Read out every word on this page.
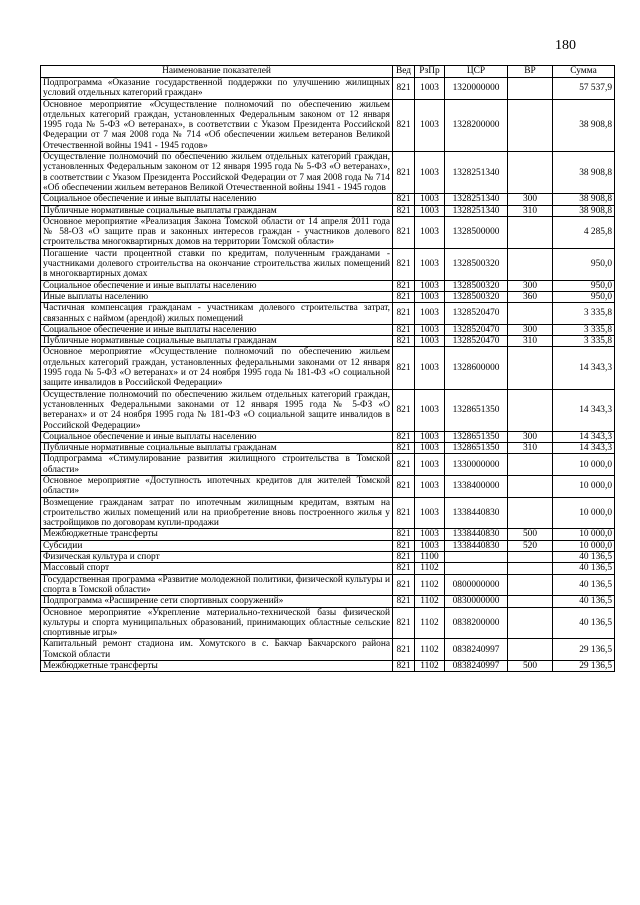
180
Наименование показателей	Вед	РзПр	ЦСР	ВР	Сумма
Подпрограмма «Оказание государственной поддержки по улучшению жилищных условий отдельных категорий граждан»	821	1003	1320000000		57 537,9
Основное мероприятие «Осуществление полномочий по обеспечению жильем отдельных категорий граждан, установленных Федеральным законом от 12 января 1995 года № 5-ФЗ «О ветеранах», в соответствии с Указом Президента Российской Федерации от 7 мая 2008 года № 714 «Об обеспечении жильем ветеранов Великой Отечественной войны 1941 - 1945 годов»	821	1003	1328200000		38 908,8
Осуществление полномочий по обеспечению жильем отдельных категорий граждан, установленных Федеральным законом от 12 января 1995 года № 5-ФЗ «О ветеранах», в соответствии с Указом Президента Российской Федерации от 7 мая 2008 года № 714 «Об обеспечении жильем ветеранов Великой Отечественной войны 1941 - 1945 годов	821	1003	1328251340		38 908,8
Социальное обеспечение и иные выплаты населению	821	1003	1328251340	300	38 908,8
Публичные нормативные социальные выплаты гражданам	821	1003	1328251340	310	38 908,8
Основное мероприятие «Реализация Закона Томской области от 14 апреля 2011 года № 58-ОЗ «О защите прав и законных интересов граждан - участников долевого строительства многоквартирных домов на территории Томской области»	821	1003	1328500000		4 285,8
Погашение части процентной ставки по кредитам, полученным гражданами - участниками долевого строительства на окончание строительства жилых помещений в многоквартирных домах	821	1003	1328500320		950,0
Социальное обеспечение и иные выплаты населению	821	1003	1328500320	300	950,0
Иные выплаты населению	821	1003	1328500320	360	950,0
Частичная компенсация гражданам - участникам долевого строительства затрат, связанных с наймом (арендой) жилых помещений	821	1003	1328520470		3 335,8
Социальное обеспечение и иные выплаты населению	821	1003	1328520470	300	3 335,8
Публичные нормативные социальные выплаты гражданам	821	1003	1328520470	310	3 335,8
Основное мероприятие «Осуществление полномочий по обеспечению жильем отдельных категорий граждан, установленных федеральными законами от 12 января 1995 года № 5-ФЗ «О ветеранах» и от 24 ноября 1995 года № 181-ФЗ «О социальной защите инвалидов в Российской Федерации»	821	1003	1328600000		14 343,3
Осуществление полномочий по обеспечению жильем отдельных категорий граждан, установленных Федеральными законами от 12 января 1995 года № 5-ФЗ «О ветеранах» и от 24 ноября 1995 года № 181-ФЗ «О социальной защите инвалидов в Российской Федерации»	821	1003	1328651350		14 343,3
Социальное обеспечение и иные выплаты населению	821	1003	1328651350	300	14 343,3
Публичные нормативные социальные выплаты гражданам	821	1003	1328651350	310	14 343,3
Подпрограмма «Стимулирование развития жилищного строительства в Томской области»	821	1003	1330000000		10 000,0
Основное мероприятие «Доступность ипотечных кредитов для жителей Томской области»	821	1003	1338400000		10 000,0
Возмещение гражданам затрат по ипотечным жилищным кредитам, взятым на строительство жилых помещений или на приобретение вновь построенного жилья у застройщиков по договорам купли-продажи	821	1003	1338440830		10 000,0
Межбюджетные трансферты	821	1003	1338440830	500	10 000,0
Субсидии	821	1003	1338440830	520	10 000,0
Физическая культура и спорт	821	1100			40 136,5
Массовый спорт	821	1102			40 136,5
Государственная программа «Развитие молодежной политики, физической культуры и спорта в Томской области»	821	1102	0800000000		40 136,5
Подпрограмма «Расширение сети спортивных сооружений»	821	1102	0830000000		40 136,5
Основное мероприятие «Укрепление материально-технической базы физической культуры и спорта муниципальных образований, принимающих областные сельские спортивные игры»	821	1102	0838200000		40 136,5
Капитальный ремонт стадиона им. Хомутского в с. Бакчар Бакчарского района Томской области	821	1102	0838240997		29 136,5
Межбюджетные трансферты	821	1102	0838240997	500	29 136,5
